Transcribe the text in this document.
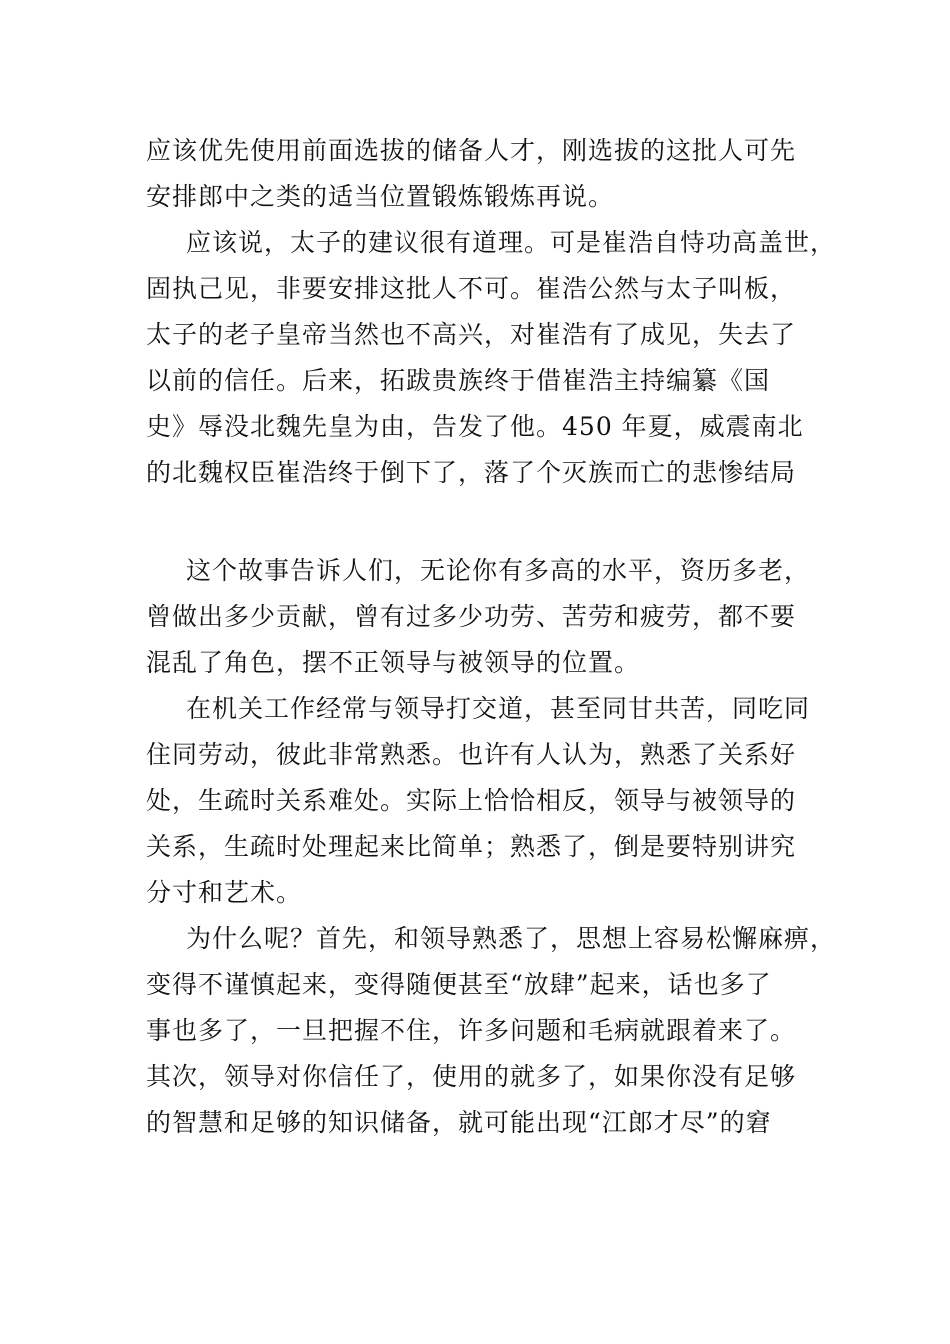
应该优先使用前面选拔的储备人才，刚选拔的这批人可先
安排郎中之类的适当位置锻炼锻炼再说。
应该说，太子的建议很有道理。可是崔浩自恃功高盖世，
固执己见，非要安排这批人不可。崔浩公然与太子叫板，
太子的老子皇帝当然也不高兴，对崔浩有了成见，失去了
以前的信任。后来，拓跋贵族终于借崔浩主持编纂《国
史》辱没北魏先皇为由，告发了他。450 年夏，威震南北
的北魏权臣崔浩终于倒下了，落了个灭族而亡的悲惨结局
这个故事告诉人们，无论你有多高的水平，资历多老，
曾做出多少贡献，曾有过多少功劳、苦劳和疲劳，都不要
混乱了角色，摆不正领导与被领导的位置。
在机关工作经常与领导打交道，甚至同甘共苦，同吃同
住同劳动，彼此非常熟悉。也许有人认为，熟悉了关系好
处，生疏时关系难处。实际上恰恰相反，领导与被领导的
关系，生疏时处理起来比简单；熟悉了，倒是要特别讲究
分寸和艺术。
为什么呢？首先，和领导熟悉了，思想上容易松懈麻痹，
变得不谨慎起来，变得随便甚至“放肆”起来，话也多了
事也多了，一旦把握不住，许多问题和毛病就跟着来了。
其次，领导对你信任了，使用的就多了，如果你没有足够
的智慧和足够的知识储备，就可能出现“江郎才尽”的窘
